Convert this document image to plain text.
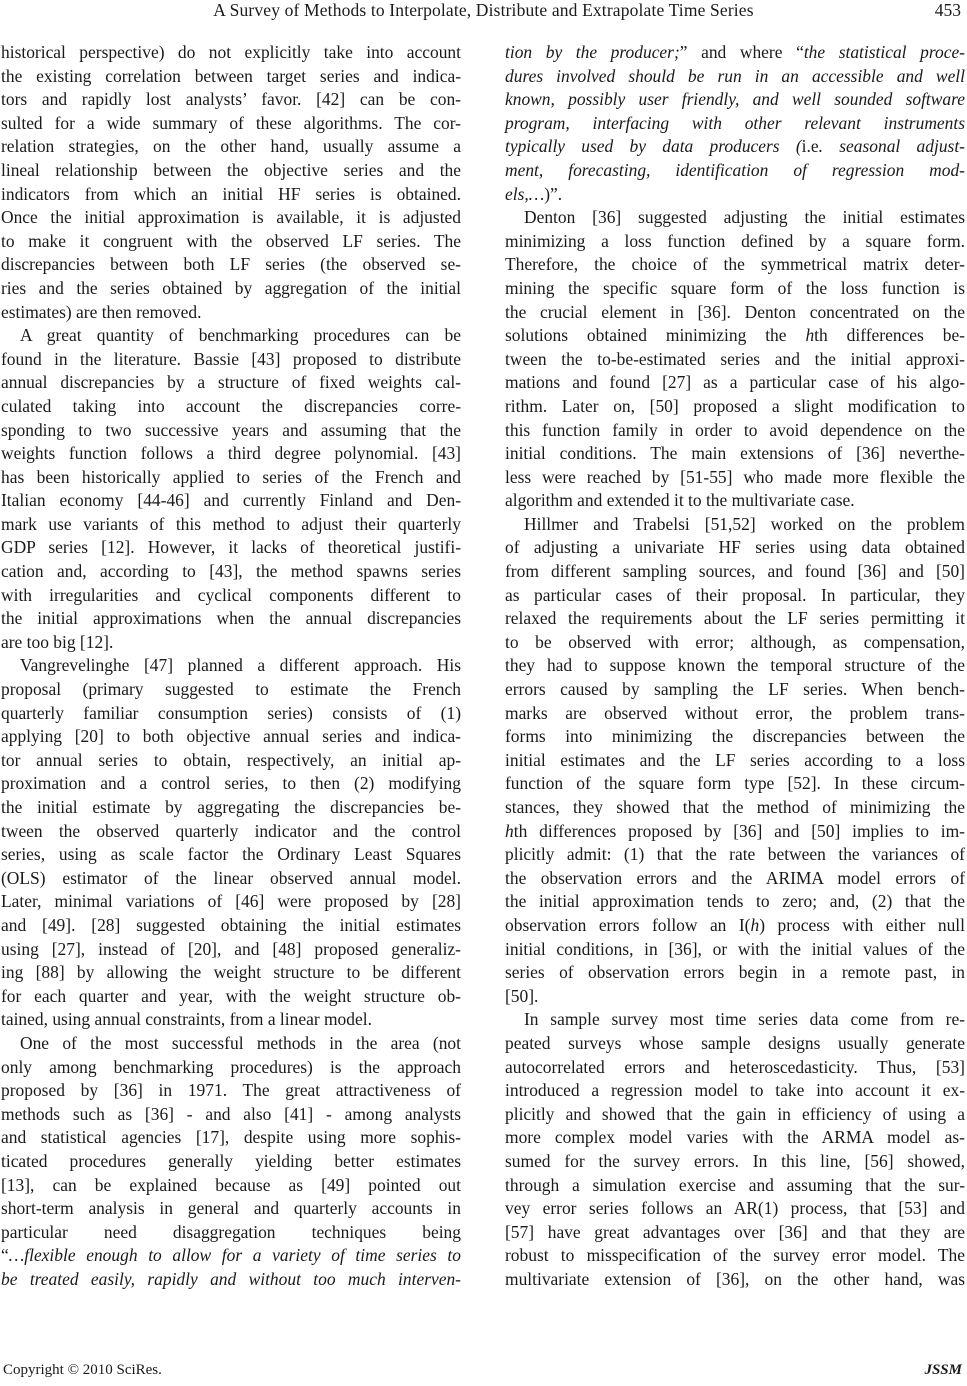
A Survey of Methods to Interpolate, Distribute and Extrapolate Time Series	453
historical perspective) do not explicitly take into account
the existing correlation between target series and indica-
tors and rapidly lost analysts’ favor. [42] can be con-
sulted for a wide summary of these algorithms. The cor-
relation strategies, on the other hand, usually assume a
lineal relationship between the objective series and the
indicators from which an initial HF series is obtained.
Once the initial approximation is available, it is adjusted
to make it congruent with the observed LF series. The
discrepancies between both LF series (the observed se-
ries and the series obtained by aggregation of the initial
estimates) are then removed.
A great quantity of benchmarking procedures can be
found in the literature. Bassie [43] proposed to distribute
annual discrepancies by a structure of fixed weights cal-
culated taking into account the discrepancies corre-
sponding to two successive years and assuming that the
weights function follows a third degree polynomial. [43]
has been historically applied to series of the French and
Italian economy [44-46] and currently Finland and Den-
mark use variants of this method to adjust their quarterly
GDP series [12]. However, it lacks of theoretical justifi-
cation and, according to [43], the method spawns series
with irregularities and cyclical components different to
the initial approximations when the annual discrepancies
are too big [12].
Vangrevelinghe [47] planned a different approach. His
proposal (primary suggested to estimate the French
quarterly familiar consumption series) consists of (1)
applying [20] to both objective annual series and indica-
tor annual series to obtain, respectively, an initial ap-
proximation and a control series, to then (2) modifying
the initial estimate by aggregating the discrepancies be-
tween the observed quarterly indicator and the control
series, using as scale factor the Ordinary Least Squares
(OLS) estimator of the linear observed annual model.
Later, minimal variations of [46] were proposed by [28]
and [49]. [28] suggested obtaining the initial estimates
using [27], instead of [20], and [48] proposed generaliz-
ing [88] by allowing the weight structure to be different
for each quarter and year, with the weight structure ob-
tained, using annual constraints, from a linear model.
One of the most successful methods in the area (not
only among benchmarking procedures) is the approach
proposed by [36] in 1971. The great attractiveness of
methods such as [36] - and also [41] - among analysts
and statistical agencies [17], despite using more sophis-
ticated procedures generally yielding better estimates
[13], can be explained because as [49] pointed out
short-term analysis in general and quarterly accounts in
particular need disaggregation techniques being
“…flexible enough to allow for a variety of time series to
be treated easily, rapidly and without too much interven-
tion by the producer;” and where “the statistical proce-
dures involved should be run in an accessible and well
known, possibly user friendly, and well sounded software
program, interfacing with other relevant instruments
typically used by data producers (i.e. seasonal adjust-
ment, forecasting, identification of regression mod-
els,…)”.
Denton [36] suggested adjusting the initial estimates
minimizing a loss function defined by a square form.
Therefore, the choice of the symmetrical matrix deter-
mining the specific square form of the loss function is
the crucial element in [36]. Denton concentrated on the
solutions obtained minimizing the hth differences be-
tween the to-be-estimated series and the initial approxi-
mations and found [27] as a particular case of his algo-
rithm. Later on, [50] proposed a slight modification to
this function family in order to avoid dependence on the
initial conditions. The main extensions of [36] neverthe-
less were reached by [51-55] who made more flexible the
algorithm and extended it to the multivariate case.
Hillmer and Trabelsi [51,52] worked on the problem
of adjusting a univariate HF series using data obtained
from different sampling sources, and found [36] and [50]
as particular cases of their proposal. In particular, they
relaxed the requirements about the LF series permitting it
to be observed with error; although, as compensation,
they had to suppose known the temporal structure of the
errors caused by sampling the LF series. When bench-
marks are observed without error, the problem trans-
forms into minimizing the discrepancies between the
initial estimates and the LF series according to a loss
function of the square form type [52]. In these circum-
stances, they showed that the method of minimizing the
hth differences proposed by [36] and [50] implies to im-
plicitly admit: (1) that the rate between the variances of
the observation errors and the ARIMA model errors of
the initial approximation tends to zero; and, (2) that the
observation errors follow an I(h) process with either null
initial conditions, in [36], or with the initial values of the
series of observation errors begin in a remote past, in
[50].
In sample survey most time series data come from re-
peated surveys whose sample designs usually generate
autocorrelated errors and heteroscedasticity. Thus, [53]
introduced a regression model to take into account it ex-
plicitly and showed that the gain in efficiency of using a
more complex model varies with the ARMA model as-
sumed for the survey errors. In this line, [56] showed,
through a simulation exercise and assuming that the sur-
vey error series follows an AR(1) process, that [53] and
[57] have great advantages over [36] and that they are
robust to misspecification of the survey error model. The
multivariate extension of [36], on the other hand, was
Copyright © 2010 SciRes.	JSSM
